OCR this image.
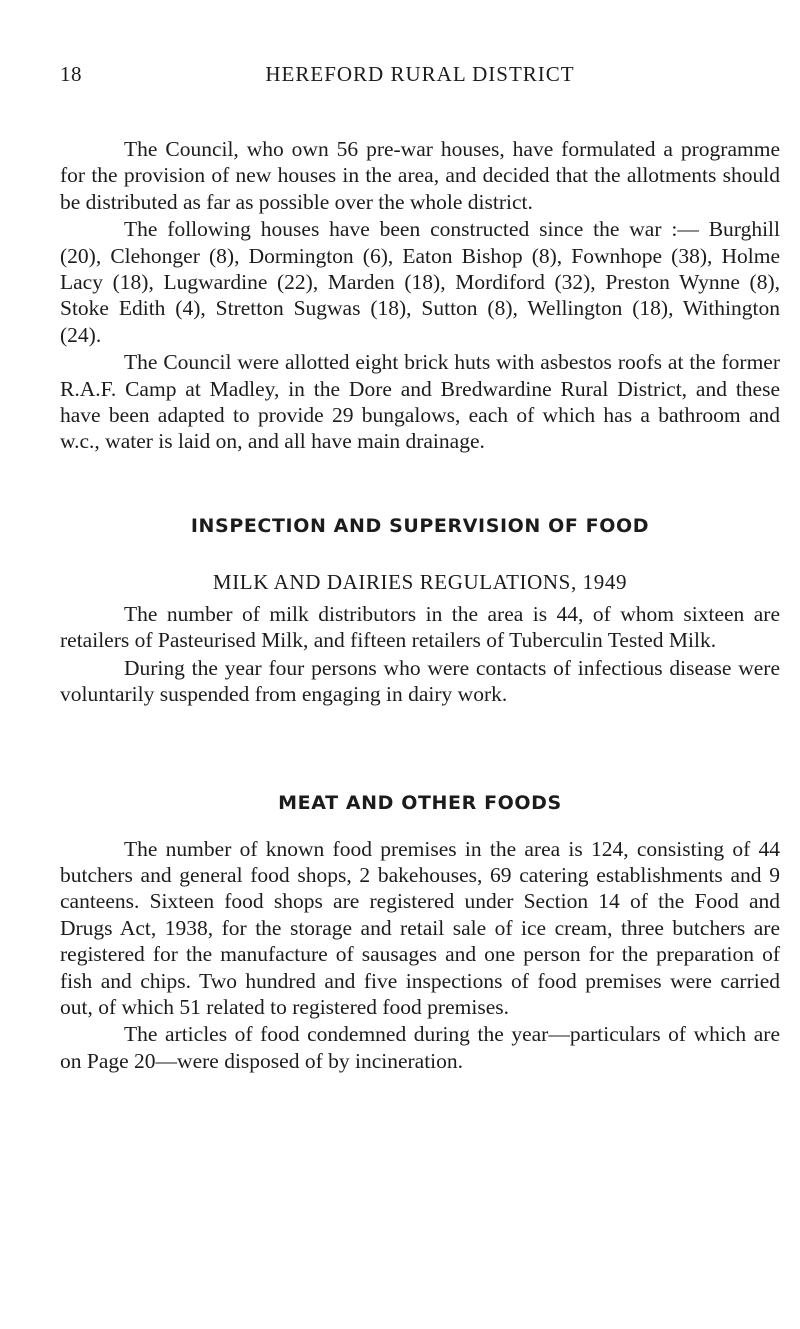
18	HEREFORD RURAL DISTRICT

The Council, who own 56 pre-war houses, have formulated a programme for the provision of new houses in the area, and decided that the allotments should be distributed as far as possible over the whole district.

The following houses have been constructed since the war :— Burghill (20), Clehonger (8), Dormington (6), Eaton Bishop (8), Fownhope (38), Holme Lacy (18), Lugwardine (22), Marden (18), Mordiford (32), Preston Wynne (8), Stoke Edith (4), Stretton Sugwas (18), Sutton (8), Wellington (18), Withington (24).

The Council were allotted eight brick huts with asbestos roofs at the former R.A.F. Camp at Madley, in the Dore and Bredwardine Rural District, and these have been adapted to provide 29 bungalows, each of which has a bathroom and w.c., water is laid on, and all have main drainage.

INSPECTION AND SUPERVISION OF FOOD
MILK AND DAIRIES REGULATIONS, 1949

The number of milk distributors in the area is 44, of whom sixteen are retailers of Pasteurised Milk, and fifteen retailers of Tuberculin Tested Milk.

During the year four persons who were contacts of infectious disease were voluntarily suspended from engaging in dairy work.

MEAT AND OTHER FOODS

The number of known food premises in the area is 124, consisting of 44 butchers and general food shops, 2 bakehouses, 69 catering establishments and 9 canteens. Sixteen food shops are registered under Section 14 of the Food and Drugs Act, 1938, for the storage and retail sale of ice cream, three butchers are registered for the manufacture of sausages and one person for the preparation of fish and chips. Two hundred and five inspections of food premises were carried out, of which 51 related to registered food premises.

The articles of food condemned during the year—particulars of which are on Page 20—were disposed of by incineration.
